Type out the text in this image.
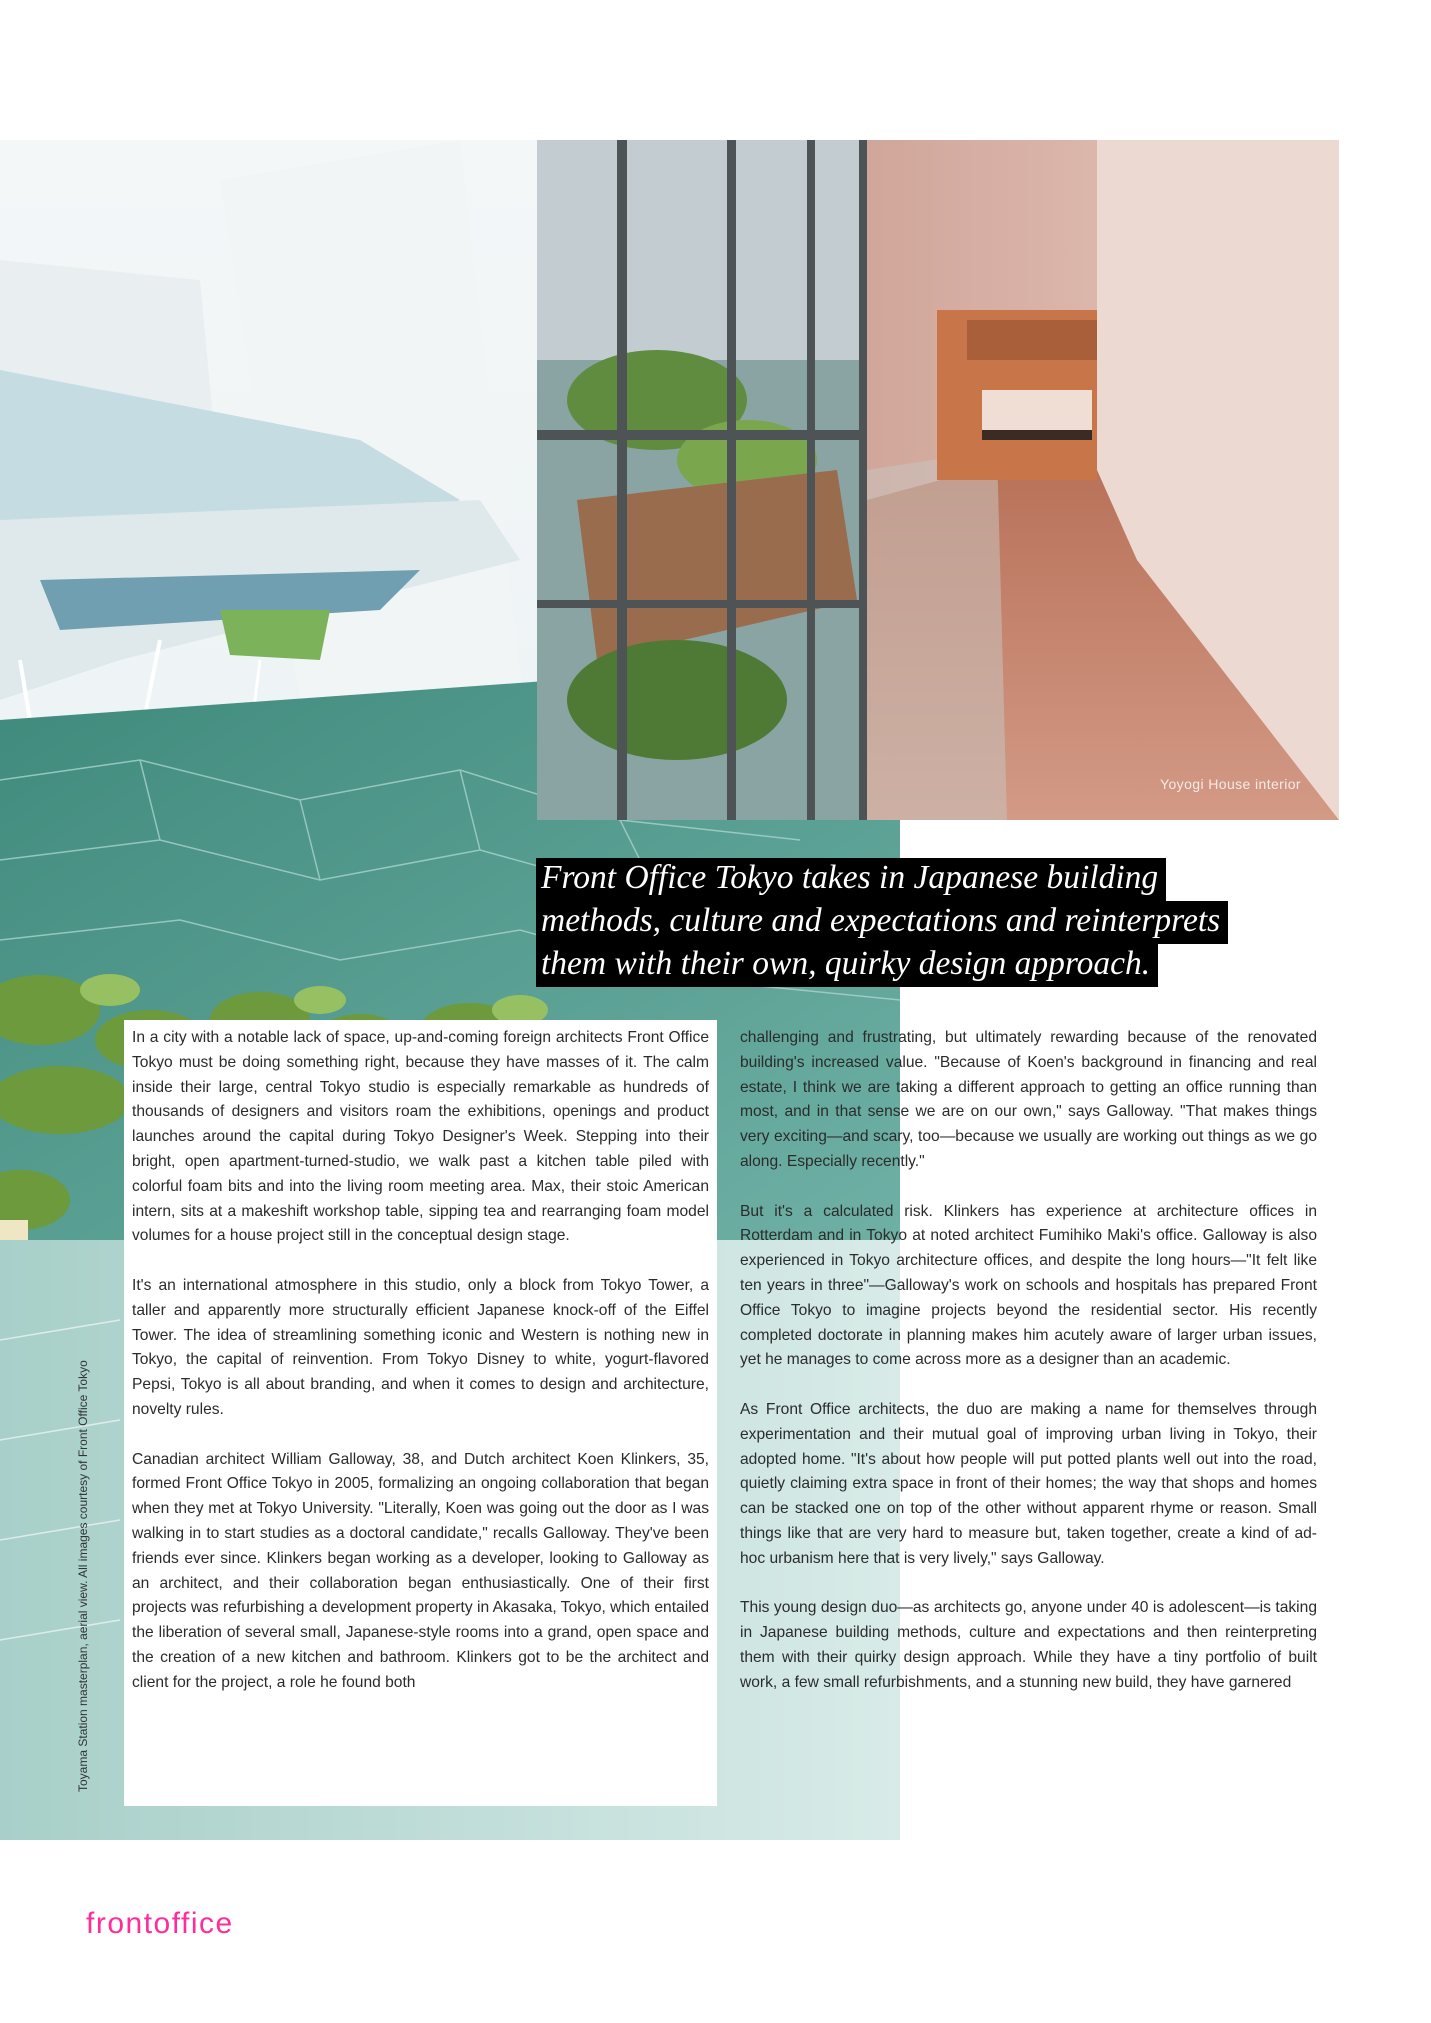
Yoyogi House interior
Front Office Tokyo takes in Japanese building
methods, culture and expectations and reinterprets
them with their own, quirky design approach.

In a city with a notable lack of space, up-and-coming foreign architects Front Office Tokyo must be doing something right, because they have masses of it. The calm inside their large, central Tokyo studio is especially remarkable as hundreds of thousands of designers and visitors roam the exhibitions, openings and product launches around the capital during Tokyo Designer's Week. Stepping into their bright, open apartment-turned-studio, we walk past a kitchen table piled with colorful foam bits and into the living room meeting area. Max, their stoic American intern, sits at a makeshift workshop table, sipping tea and rearranging foam model volumes for a house project still in the conceptual design stage.

It's an international atmosphere in this studio, only a block from Tokyo Tower, a taller and apparently more structurally efficient Japanese knock-off of the Eiffel Tower. The idea of streamlining something iconic and Western is nothing new in Tokyo, the capital of reinvention. From Tokyo Disney to white, yogurt-flavored Pepsi, Tokyo is all about branding, and when it comes to design and architecture, novelty rules.

Canadian architect William Galloway, 38, and Dutch architect Koen Klinkers, 35, formed Front Office Tokyo in 2005, formalizing an ongoing collaboration that began when they met at Tokyo University. "Literally, Koen was going out the door as I was walking in to start studies as a doctoral candidate," recalls Galloway. They've been friends ever since. Klinkers began working as a developer, looking to Galloway as an architect, and their collaboration began enthusiastically. One of their first projects was refurbishing a development property in Akasaka, Tokyo, which entailed the liberation of several small, Japanese-style rooms into a grand, open space and the creation of a new kitchen and bathroom. Klinkers got to be the architect and client for the project, a role he found both

challenging and frustrating, but ultimately rewarding because of the renovated building's increased value. "Because of Koen's background in financing and real estate, I think we are taking a different approach to getting an office running than most, and in that sense we are on our own," says Galloway. "That makes things very exciting—and scary, too—because we usually are working out things as we go along. Especially recently."

But it's a calculated risk. Klinkers has experience at architecture offices in Rotterdam and in Tokyo at noted architect Fumihiko Maki's office. Galloway is also experienced in Tokyo architecture offices, and despite the long hours—"It felt like ten years in three"—Galloway's work on schools and hospitals has prepared Front Office Tokyo to imagine projects beyond the residential sector. His recently completed doctorate in planning makes him acutely aware of larger urban issues, yet he manages to come across more as a designer than an academic.

As Front Office architects, the duo are making a name for themselves through experimentation and their mutual goal of improving urban living in Tokyo, their adopted home. "It's about how people will put potted plants well out into the road, quietly claiming extra space in front of their homes; the way that shops and homes can be stacked one on top of the other without apparent rhyme or reason. Small things like that are very hard to measure but, taken together, create a kind of ad-hoc urbanism here that is very lively," says Galloway.

This young design duo—as architects go, anyone under 40 is adolescent—is taking in Japanese building methods, culture and expectations and then reinterpreting them with their quirky design approach. While they have a tiny portfolio of built work, a few small refurbishments, and a stunning new build, they have garnered

Toyama Station masterplan, aerial view. All images courtesy of Front Office Tokyo
frontoffice
